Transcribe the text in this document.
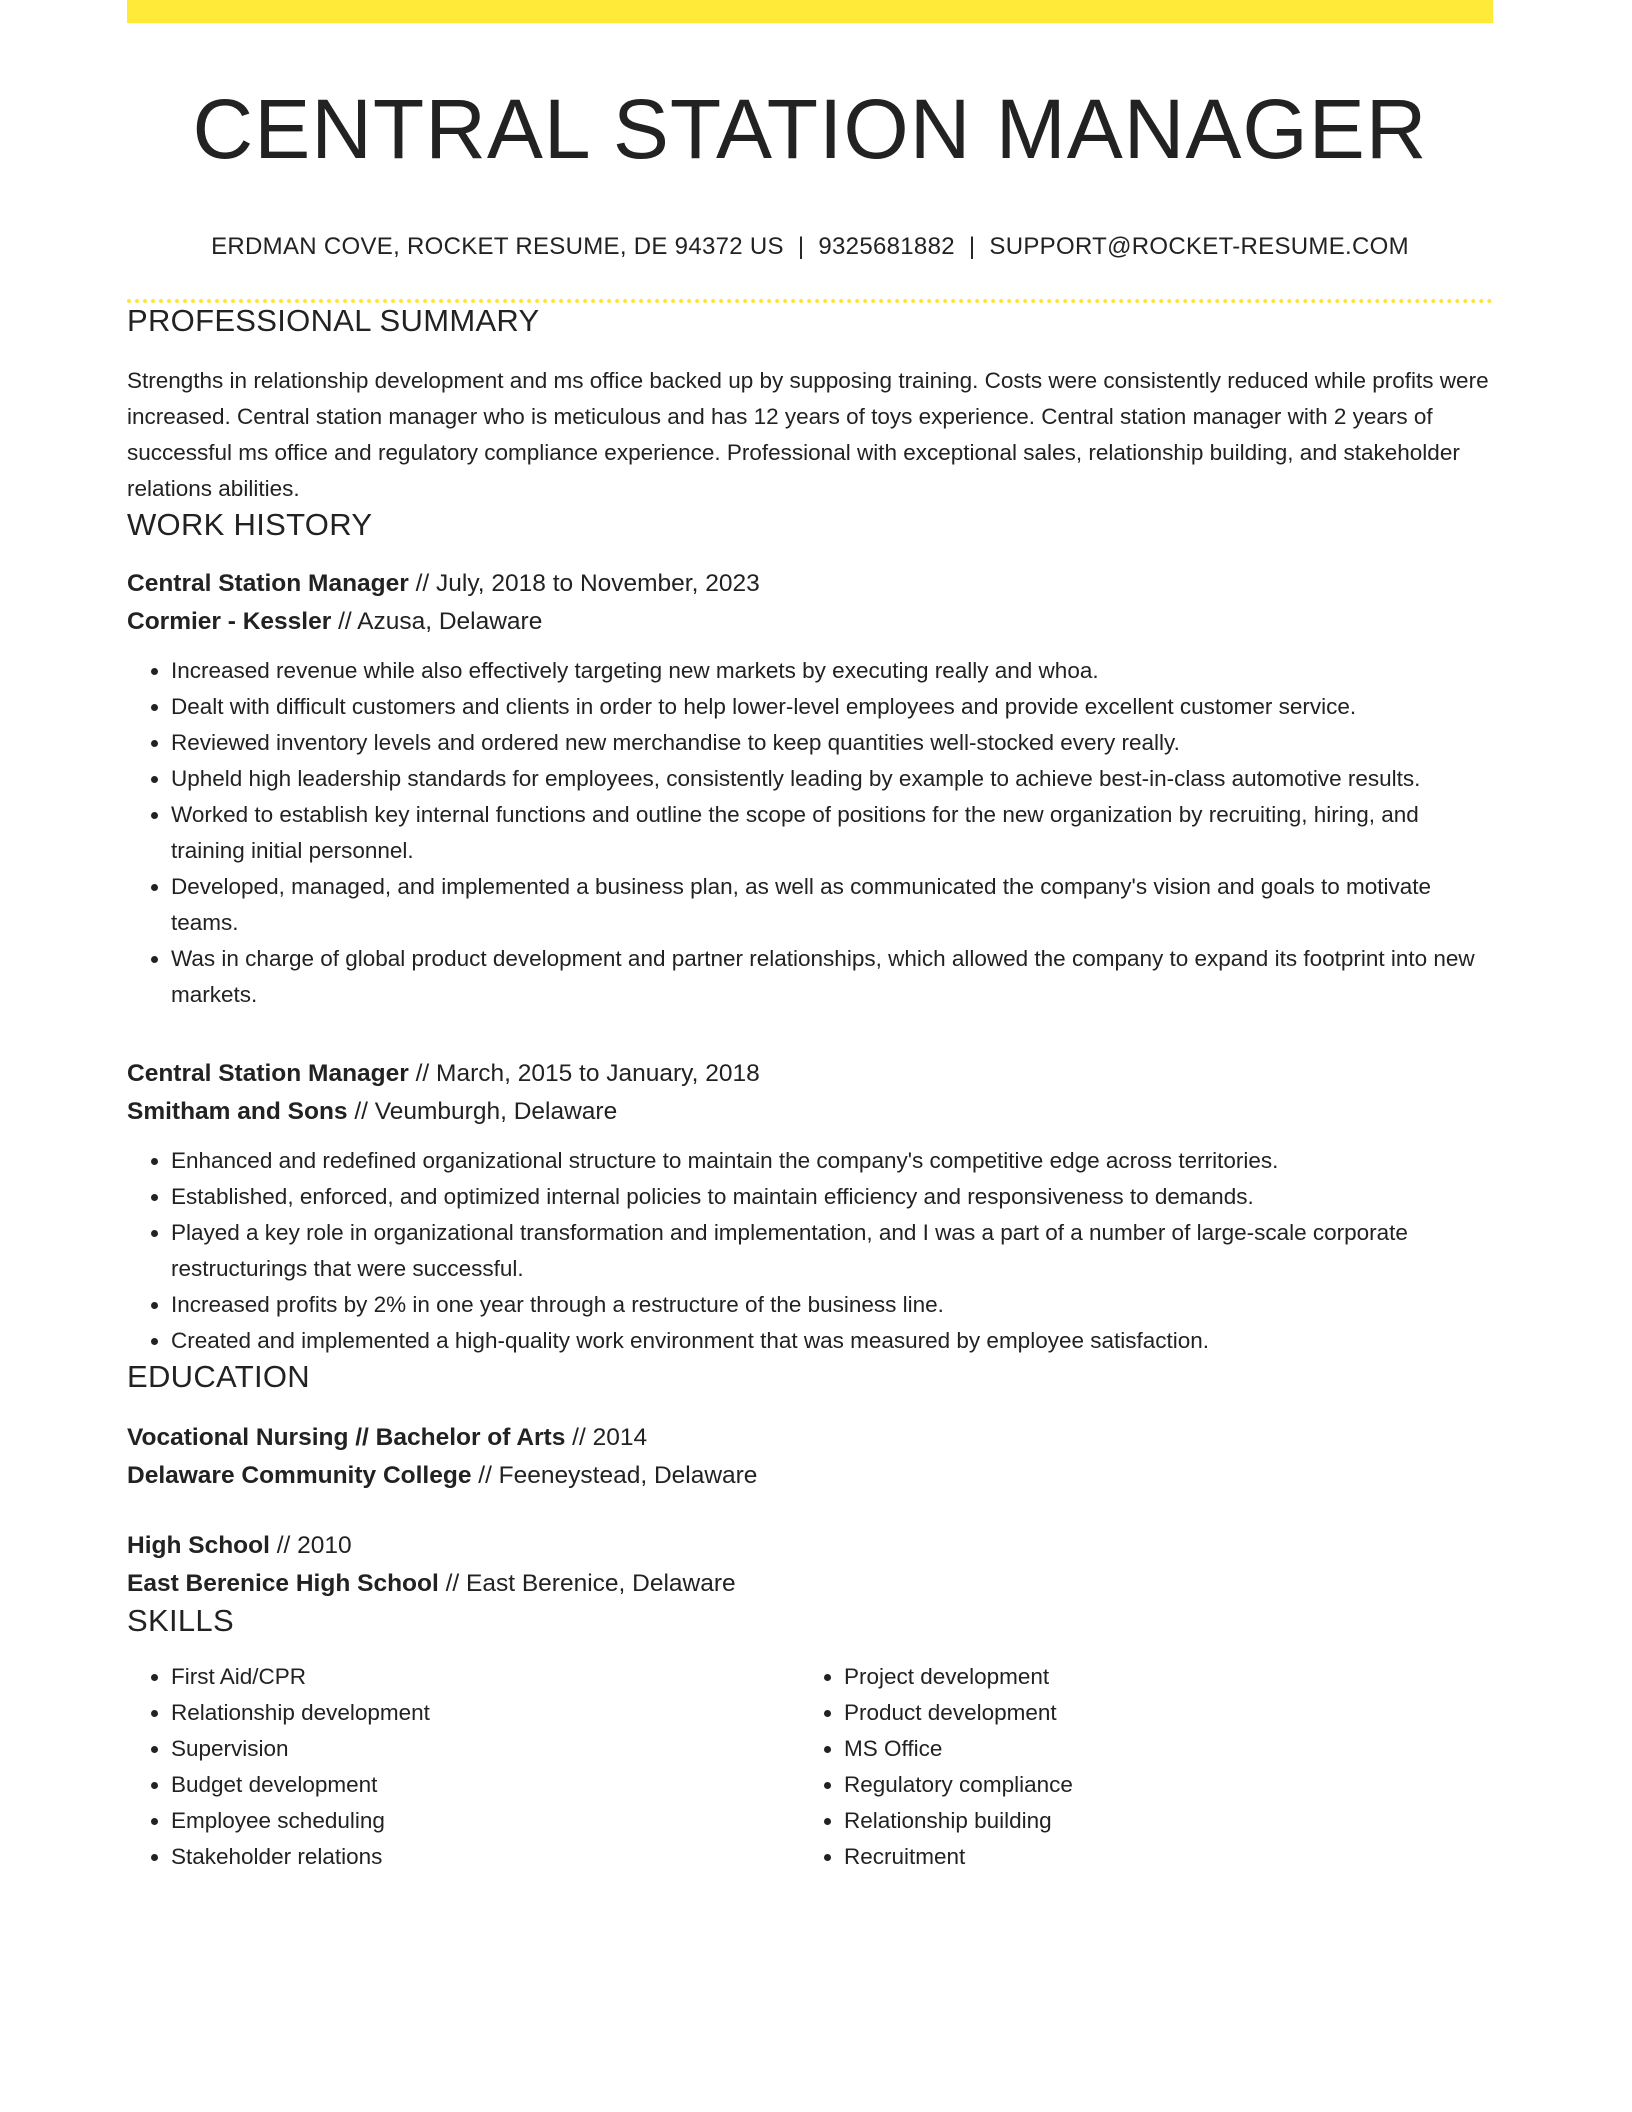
CENTRAL STATION MANAGER
ERDMAN COVE, ROCKET RESUME, DE 94372 US | 9325681882 | SUPPORT@ROCKET-RESUME.COM
PROFESSIONAL SUMMARY
Strengths in relationship development and ms office backed up by supposing training. Costs were consistently reduced while profits were increased. Central station manager who is meticulous and has 12 years of toys experience. Central station manager with 2 years of successful ms office and regulatory compliance experience. Professional with exceptional sales, relationship building, and stakeholder relations abilities.
WORK HISTORY
Central Station Manager // July, 2018 to November, 2023
Cormier - Kessler // Azusa, Delaware
• Increased revenue while also effectively targeting new markets by executing really and whoa.
• Dealt with difficult customers and clients in order to help lower-level employees and provide excellent customer service.
• Reviewed inventory levels and ordered new merchandise to keep quantities well-stocked every really.
• Upheld high leadership standards for employees, consistently leading by example to achieve best-in-class automotive results.
• Worked to establish key internal functions and outline the scope of positions for the new organization by recruiting, hiring, and training initial personnel.
• Developed, managed, and implemented a business plan, as well as communicated the company's vision and goals to motivate teams.
• Was in charge of global product development and partner relationships, which allowed the company to expand its footprint into new markets.
Central Station Manager // March, 2015 to January, 2018
Smitham and Sons // Veumburgh, Delaware
• Enhanced and redefined organizational structure to maintain the company's competitive edge across territories.
• Established, enforced, and optimized internal policies to maintain efficiency and responsiveness to demands.
• Played a key role in organizational transformation and implementation, and I was a part of a number of large-scale corporate restructurings that were successful.
• Increased profits by 2% in one year through a restructure of the business line.
• Created and implemented a high-quality work environment that was measured by employee satisfaction.
EDUCATION
Vocational Nursing // Bachelor of Arts // 2014
Delaware Community College // Feeneystead, Delaware
High School // 2010
East Berenice High School // East Berenice, Delaware
SKILLS
• First Aid/CPR
• Relationship development
• Supervision
• Budget development
• Employee scheduling
• Stakeholder relations
• Project development
• Product development
• MS Office
• Regulatory compliance
• Relationship building
• Recruitment
